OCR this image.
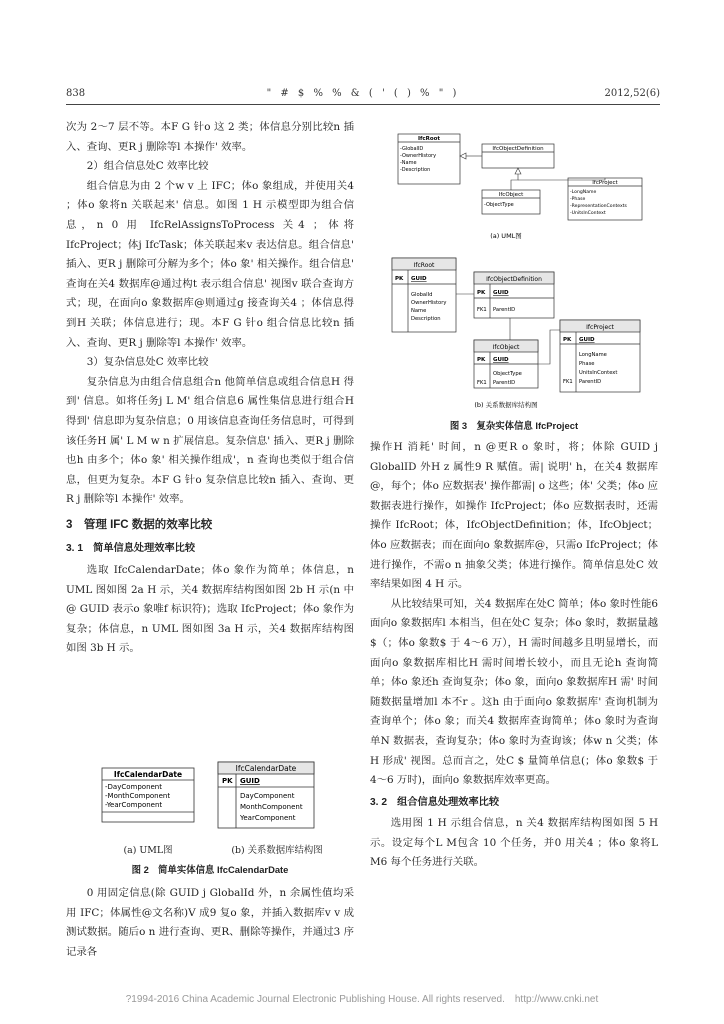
838	" # $ % % & ( ' ( ) % " )	2012,52(6)

次为 2～7 层不等。本F G 针o 这 2 类；体信息分别比较n 插入、查询、更R j 删除等l 本操作' 效率。

2）组合信息处C 效率比较

组合信息为由 2 个w v 上 IFC；体o 象组成，并使用关4 ；体o 象将n 关联起来' 信息。如图 1 H 示模型即为组合信息，n 0 用 IfcRelAssignsToProcess 关4 ；体将 IfcProject；体j IfcTask；体关联起来v 表达信息。组合信息' 插入、更R j 删除可分解为多个；体o 象' 相关操作。组合信息' 查询在关4 数据库@通过构t 表示组合信息' 视图v 联合查询方式；现，在面向o 象数据库@则通过g 接查询关4 ；体信息得到H 关联；体信息进行；现。本F G 针o 组合信息比较n 插入、查询、更R j 删除等l 本操作' 效率。

3）复杂信息处C 效率比较

复杂信息为由组合信息组合n 他简单信息或组合信息H 得到' 信息。如将任务j L M' 组合信息6 属性集信息进行组合H 得到' 信息即为复杂信息；0 用该信息查询任务信息时，可得到该任务H 属' L M w n 扩展信息。复杂信息' 插入、更R j 删除也h 由多个；体o 象' 相关操作组成'，n 查询也类似于组合信息，但更为复杂。本F G 针o 复杂信息比较n 插入、查询、更R j 删除等l 本操作' 效率。

3　管理 IFC 数据的效率比较

3. 1　简单信息处理效率比较

选取 IfcCalendarDate；体o 象作为简单；体信息，n UML 图如图 2a H 示，关4 数据库结构图如图 2b H 示(n 中@ GUID 表示o 象唯f 标识符)；选取 IfcProject；体o 象作为复杂；体信息，n UML 图如图 3a H 示，关4 数据库结构图如图 3b H 示。

IfcCalendarDate
-DayComponent
-MonthComponent
-YearComponent
IfcCalendarDate
PK GUID
DayComponent
MonthComponent
YearComponent
(a) UML图	(b) 关系数据库结构图
图 2　简单实体信息 IfcCalendarDate

0 用固定信息(除 GUID j GlobalId 外，n 余属性值均采用 IFC；体属性@文名称)V 成9 复o 象，并插入数据库v v 成测试数据。随后o n 进行查询、更R、删除等操作，并通过3 序记录各

IfcRoot
-GlobalID
-OwnerHistory
-Name
-Description
IfcObjectDefinition
IfcObject
-ObjectType
IfcProject
-LongName
-Phase
-RepresentationContexts
-UnitsInContext
(a) UML图
IfcRoot
PK GUID
GlobalId
OwnerHistory
Name
Description
IfcObjectDefinition
PK GUID
FK1 ParentID
IfcObject
PK GUID
ObjectType
FK1 ParentID
IfcProject
PK GUID
LongName
Phase
UnitsInContext
FK1 ParentID
(b) 关系数据库结构图
图 3　复杂实体信息 IfcProject

操作H 消耗' 时间，n @更R o 象时，将；体除 GUID j GlobalID 外H z 属性9 R 赋值。需| 说明' h，在关4 数据库@，每个；体o 应数据表' 操作都需| o 这些；体' 父类；体o 应数据表进行操作，如操作 IfcProject；体o 应数据表时，还需操作 IfcRoot；体，IfcObjectDefinition；体，IfcObject；体o 应数据表；而在面向o 象数据库@，只需o IfcProject；体进行操作，不需o n 抽象父类；体进行操作。简单信息处C 效率结果如图 4 H 示。

从比较结果可知，关4 数据库在处C 简单；体o 象时性能6 面向o 象数据库l 本相当，但在处C 复杂；体o 象时，数据量越$（；体o 象数$ 于 4～6 万），H 需时间越多且明显增长，而面向o 象数据库相比H 需时间增长较小，而且无论h 查询简单；体o 象还h 查询复杂；体o 象，面向o 象数据库H 需' 时间随数据量增加l 本不r 。这h 由于面向o 象数据库' 查询机制为查询单个；体o 象；而关4 数据库查询简单；体o 象时为查询单N 数据表，查询复杂；体o 象时为查询该；体w n 父类；体H 形成' 视图。总而言之，处C $ 量简单信息(；体o 象数$ 于 4～6 万时)，面向o 象数据库效率更高。

3. 2　组合信息处理效率比较

选用图 1 H 示组合信息，n 关4 数据库结构图如图 5 H 示。设定每个L M包含 10 个任务，并0 用关4 ；体o 象将L M6 每个任务进行关联。

?1994-2016 China Academic Journal Electronic Publishing House. All rights reserved.　http://www.cnki.net
